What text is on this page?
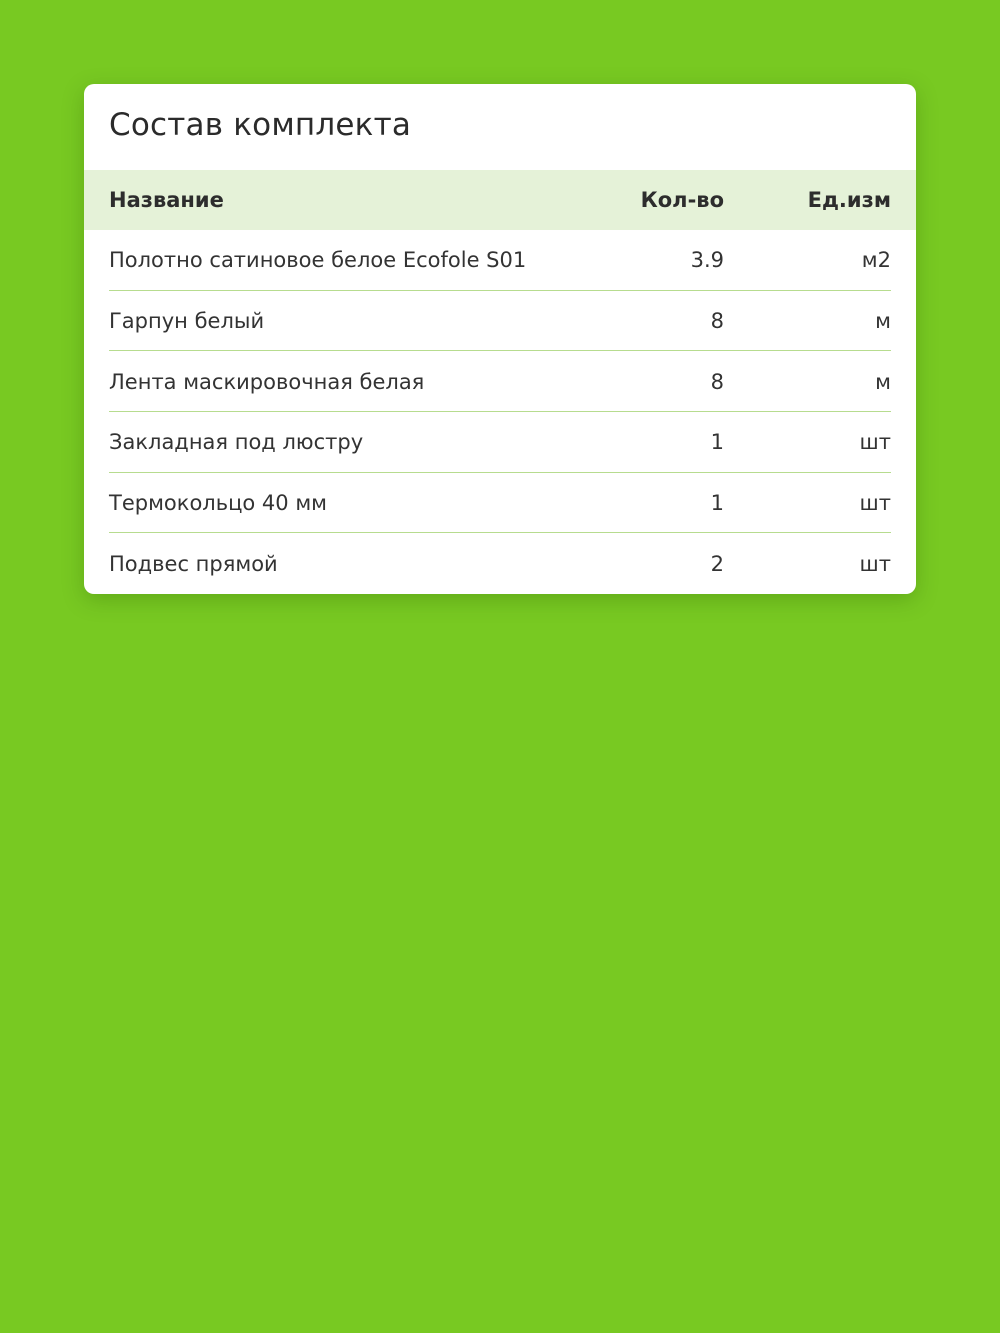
Состав комплекта
Название	Кол-во	Ед.изм
Полотно сатиновое белое Ecofole S01	3.9	м2
Гарпун белый	8	м
Лента маскировочная белая	8	м
Закладная под люстру	1	шт
Термокольцо 40 мм	1	шт
Подвес прямой	2	шт
